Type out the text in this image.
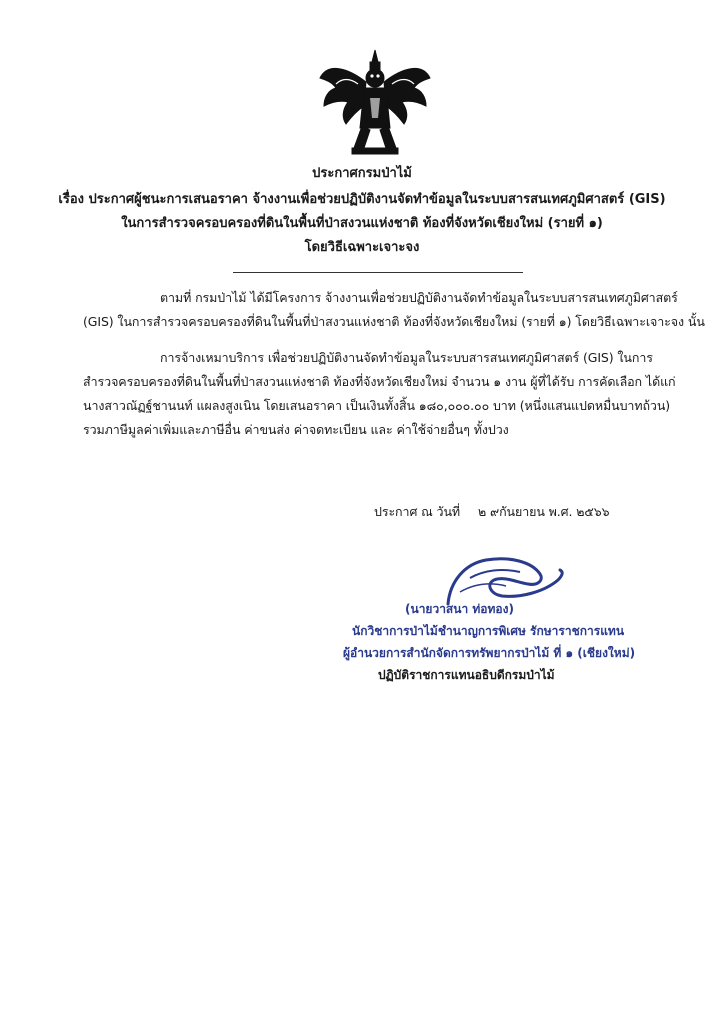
ประกาศกรมป่าไม้
เรื่อง ประกาศผู้ชนะการเสนอราคา จ้างงานเพื่อช่วยปฏิบัติงานจัดทำข้อมูลในระบบสารสนเทศภูมิศาสตร์ (GIS)
ในการสำรวจครอบครองที่ดินในพื้นที่ป่าสงวนแห่งชาติ ท้องที่จังหวัดเชียงใหม่ (รายที่ ๑)
โดยวิธีเฉพาะเจาะจง
ตามที่ กรมป่าไม้ ได้มีโครงการ จ้างงานเพื่อช่วยปฏิบัติงานจัดทำข้อมูลในระบบสารสนเทศภูมิศาสตร์
(GIS) ในการสำรวจครอบครองที่ดินในพื้นที่ป่าสงวนแห่งชาติ ท้องที่จังหวัดเชียงใหม่ (รายที่ ๑) โดยวิธีเฉพาะเจาะจง นั้น
การจ้างเหมาบริการ เพื่อช่วยปฏิบัติงานจัดทำข้อมูลในระบบสารสนเทศภูมิศาสตร์ (GIS) ในการ
สำรวจครอบครองที่ดินในพื้นที่ป่าสงวนแห่งชาติ ท้องที่จังหวัดเชียงใหม่ จำนวน ๑ งาน ผู้ที่ได้รับ การคัดเลือก ได้แก่
นางสาวณัฏฐ์ชานนท์ แผลงสูงเนิน โดยเสนอราคา เป็นเงินทั้งสิ้น ๑๘๐,๐๐๐.๐๐ บาท (หนึ่งแสนแปดหมื่นบาทถ้วน)
รวมภาษีมูลค่าเพิ่มและภาษีอื่น ค่าขนส่ง ค่าจดทะเบียน และ ค่าใช้จ่ายอื่นๆ ทั้งปวง
ประกาศ ณ วันที่ ๒ ๙กันยายน พ.ศ. ๒๕๖๖
(นายวาสนา ท่อทอง)
นักวิชาการป่าไม้ชำนาญการพิเศษ รักษาราชการแทน
ผู้อำนวยการสำนักจัดการทรัพยากรป่าไม้ ที่ ๑ (เชียงใหม่)
ปฏิบัติราชการแทนอธิบดีกรมป่าไม้
